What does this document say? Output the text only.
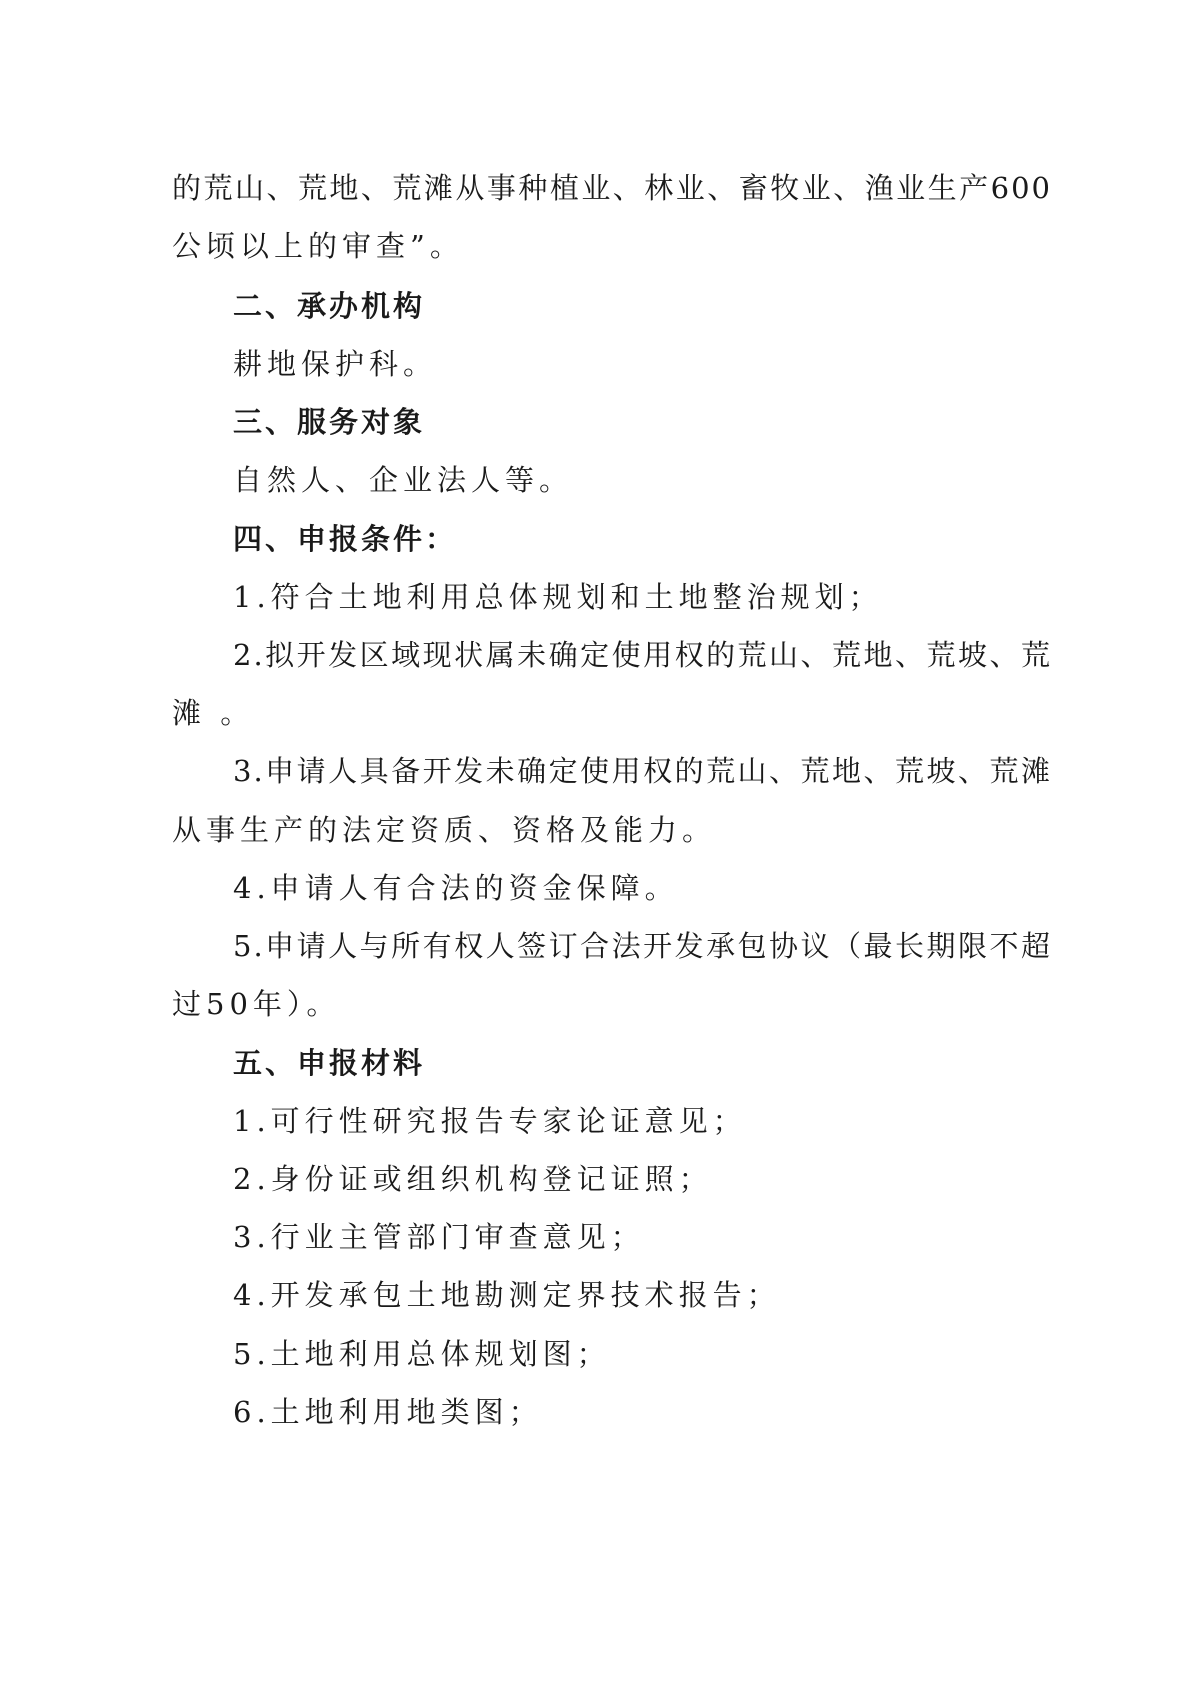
的荒山、荒地、荒滩从事种植业、林业、畜牧业、渔业生产600
公顷以上的审查”。
二、承办机构
耕地保护科。
三、服务对象
自然人、企业法人等。
四、申报条件：
1.符合土地利用总体规划和土地整治规划；
2.拟开发区域现状属未确定使用权的荒山、荒地、荒坡、荒
滩 。
3.申请人具备开发未确定使用权的荒山、荒地、荒坡、荒滩
从事生产的法定资质、资格及能力。
4.申请人有合法的资金保障。
5.申请人与所有权人签订合法开发承包协议（最长期限不超
过50年）。
五、申报材料
1.可行性研究报告专家论证意见；
2.身份证或组织机构登记证照；
3.行业主管部门审查意见；
4.开发承包土地勘测定界技术报告；
5.土地利用总体规划图；
6.土地利用地类图；
